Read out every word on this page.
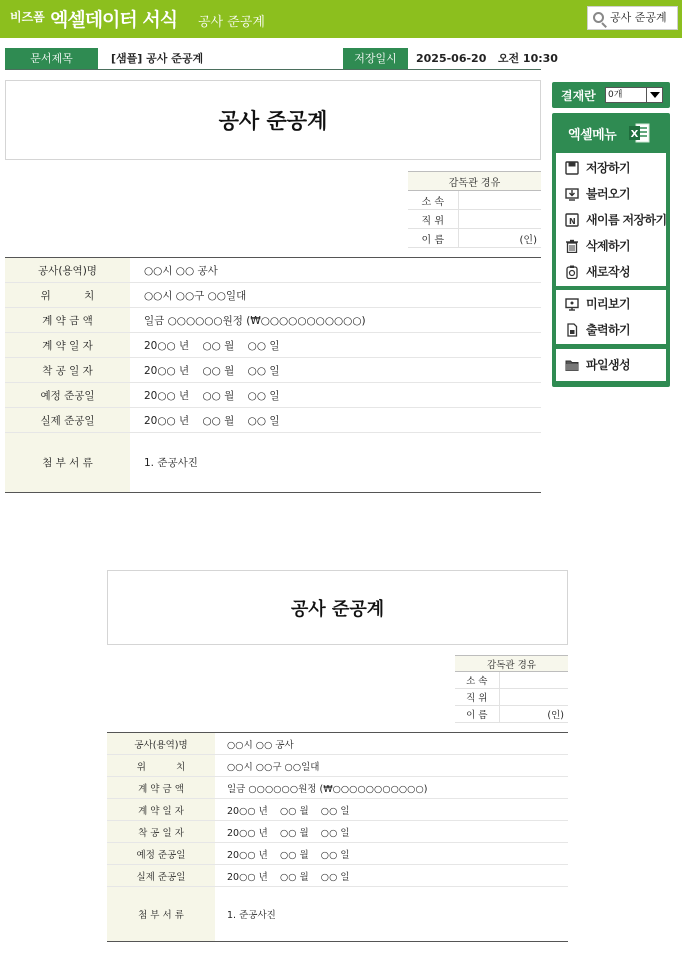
비즈폼 엑셀데이터 서식 공사 준공계	공사 준공계
문서제목	[샘플] 공사 준공계	저장일시	2025-06-20   오전 10:30
공사 준공계
감독관 경유	
소 속	
직 위	
이 름	(인)
공사(용역)명	○○시 ○○ 공사
위          치	○○시 ○○구 ○○일대
계 약 금 액	일금 ○○○○○○원정 (₩○○○○○○○○○○○)
계 약 일 자	20○○ 년    ○○ 월    ○○ 일
착 공 일 자	20○○ 년    ○○ 월    ○○ 일
예정 준공일	20○○ 년    ○○ 월    ○○ 일
실제 준공일	20○○ 년    ○○ 월    ○○ 일
첨 부 서 류	1. 준공사진
공사 준공계
감독관 경유	
소 속	
직 위	
이 름	(인)
공사(용역)명	○○시 ○○ 공사
위          치	○○시 ○○구 ○○일대
계 약 금 액	일금 ○○○○○○원정 (₩○○○○○○○○○○○)
계 약 일 자	20○○ 년    ○○ 월    ○○ 일
착 공 일 자	20○○ 년    ○○ 월    ○○ 일
예정 준공일	20○○ 년    ○○ 월    ○○ 일
실제 준공일	20○○ 년    ○○ 월    ○○ 일
첨 부 서 류	1. 준공사진
결재란	0개
엑셀메뉴 X
저장하기
불러오기
N 새이름 저장하기
삭제하기
새로작성
미리보기
출력하기
파일생성
